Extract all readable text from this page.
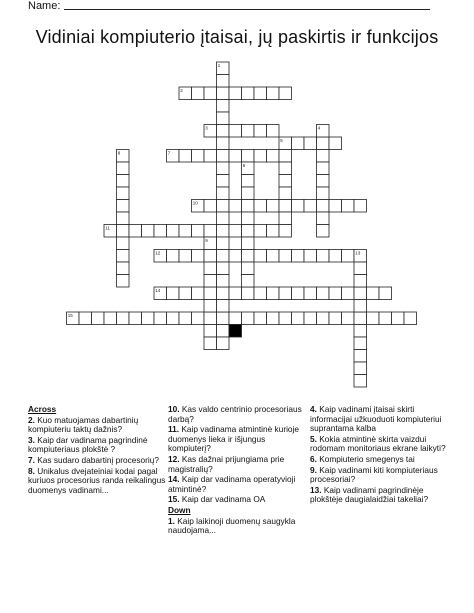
Name:
Vidiniai kompiuterio įtaisai, jų paskirtis ir funkcijos
1
2
3	4
5
6
7
8
9
10
11
12	13
14
15

Across

2. Kuo matuojamas dabartinių kompiuteriu taktų dažnis?

3. Kaip dar vadinama pagrindinė kompiuteriaus plokštė ?

7. Kas sudaro dabartinį procesorių?

8. Unikalus dvejateiniai kodai pagal kuriuos procesorius randa reikalingus duomenys vadinami...

10. Kas valdo centrinio procesoriaus darbą?

11. Kaip vadinama atmintinė kurioje duomenys lieka ir išjungus kompiuterį?

12. Kas dažnai prijungiama prie magistralių?

14. Kaip dar vadinama operatyvioji atmintinė?

15. Kaip dar vadinama OA

Down

1. Kaip laikinoji duomenų saugykla naudojama...

4. Kaip vadinami įtaisai skirti informacijai užkuoduoti kompiuteriui suprantama kalba

5. Kokia atmintinė skirta vaizdui rodomam monitoriaus ekrane laikyti?

6. Kompiuterio smegenys tai

9. Kaip vadinami kiti kompiuteriaus procesoriai?

13. Kaip vadinami pagrindinėje plokštėje daugialaidžiai takeliai?
